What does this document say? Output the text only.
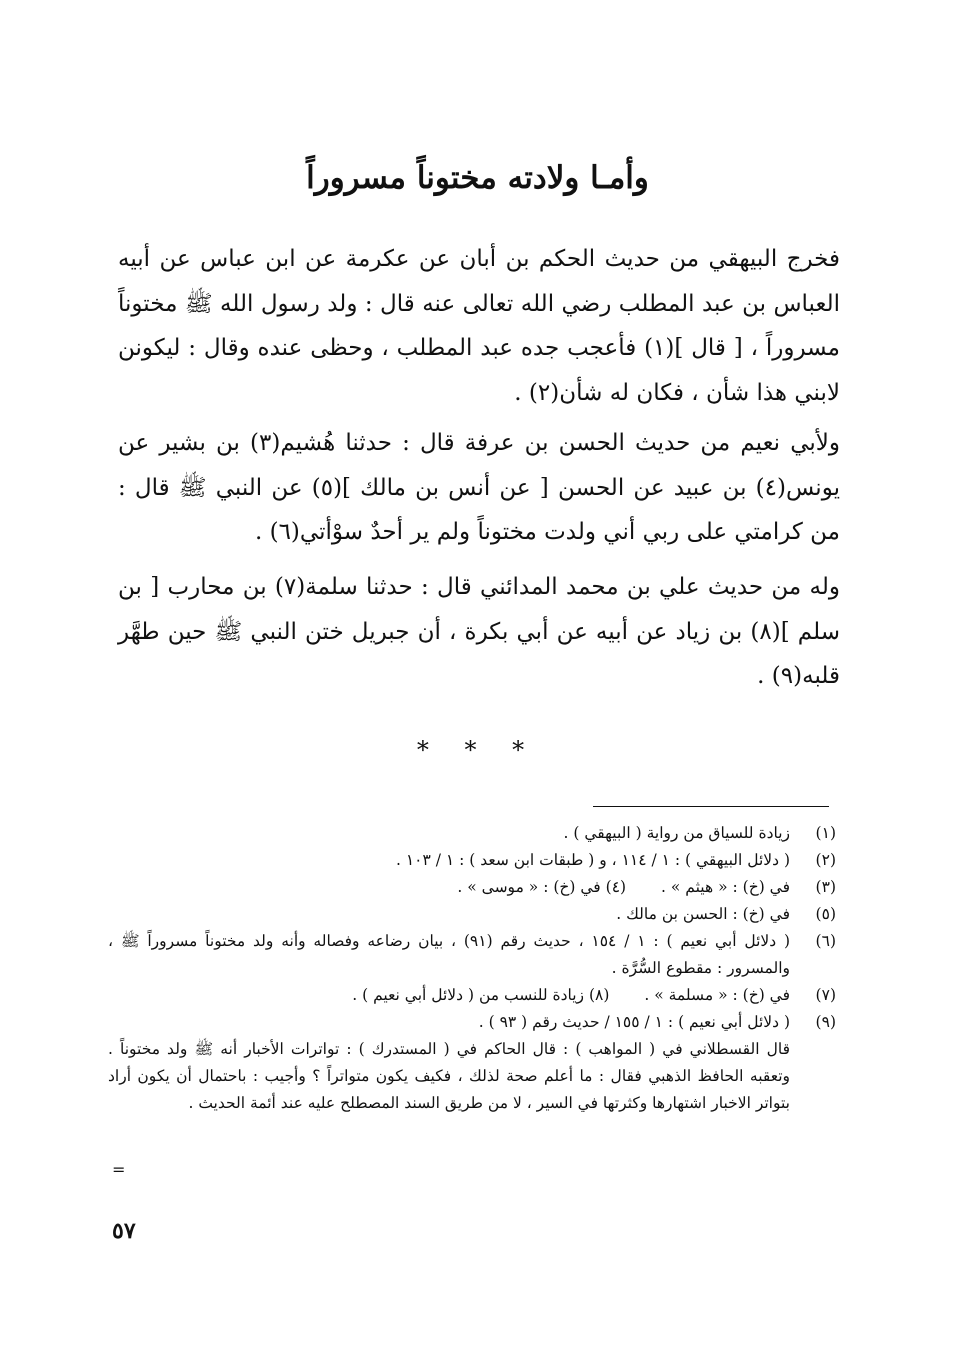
وأمـا ولادته مختوناً مسروراً

فخرج البيهقي من حديث الحكم بن أبان عن عكرمة عن ابن عباس عن أبيه العباس بن عبد المطلب رضي الله تعالى عنه قال : ولد رسول الله ﷺ مختوناً مسروراً ، [ قال ](١) فأعجب جده عبد المطلب ، وحظى عنده وقال : ليكونن لابني هذا شأن ، فكان له شأن(٢) .

ولأبي نعيم من حديث الحسن بن عرفة قال : حدثنا هُشيم(٣) بن بشير عن يونس(٤) بن عبيد عن الحسن [ عن أنس بن مالك ](٥) عن النبي ﷺ قال : من كرامتي على ربي أني ولدت مختوناً ولم ير أحدٌ سوْأتي(٦) .

وله من حديث علي بن محمد المدائني قال : حدثنا سلمة(٧) بن محارب [ بن سلم ](٨) بن زياد عن أبيه عن أبي بكرة ، أن جبريل ختن النبي ﷺ حين طهَّر قلبه(٩) .

* * *
(١)
زيادة للسياق من رواية ( البيهقي ) .
(٢)
( دلائل البيهقي ) : ١ / ١١٤ ، و ( طبقات ابن سعد ) : ١ / ١٠٣ .
(٣)
في (خ) : « هيثم » . (٤) في (خ) : « موسى » .
(٥)
في (خ) : الحسن بن مالك .
(٦)
( دلائل أبي نعيم ) : ١ / ١٥٤ ، حديث رقم (٩١) ، بيان رضاعه وفصاله وأنه ولد مختوناً مسروراً ﷺ ، والمسرور : مقطوع السُّرَّة .
(٧)
في (خ) : « مسلمة » . (٨) زيادة للنسب من ( دلائل أبي نعيم ) .
(٩)
( دلائل أبي نعيم ) : ١ / ١٥٥ / حديث رقم ( ٩٣ ) .

قال القسطلاني في ( المواهب ) : قال الحاكم في ( المستدرك ) : تواترات الأخبار أنه ﷺ ولد مختوناً . وتعقبه الحافظ الذهبي فقال : ما أعلم صحة لذلك ، فكيف يكون متواتراً ؟ وأجيب : باحتمال أن يكون أراد بتواتر الاخبار اشتهارها وكثرتها في السير ، لا من طريق السند المصطلح عليه عند أئمة الحديث .

=
٥٧
